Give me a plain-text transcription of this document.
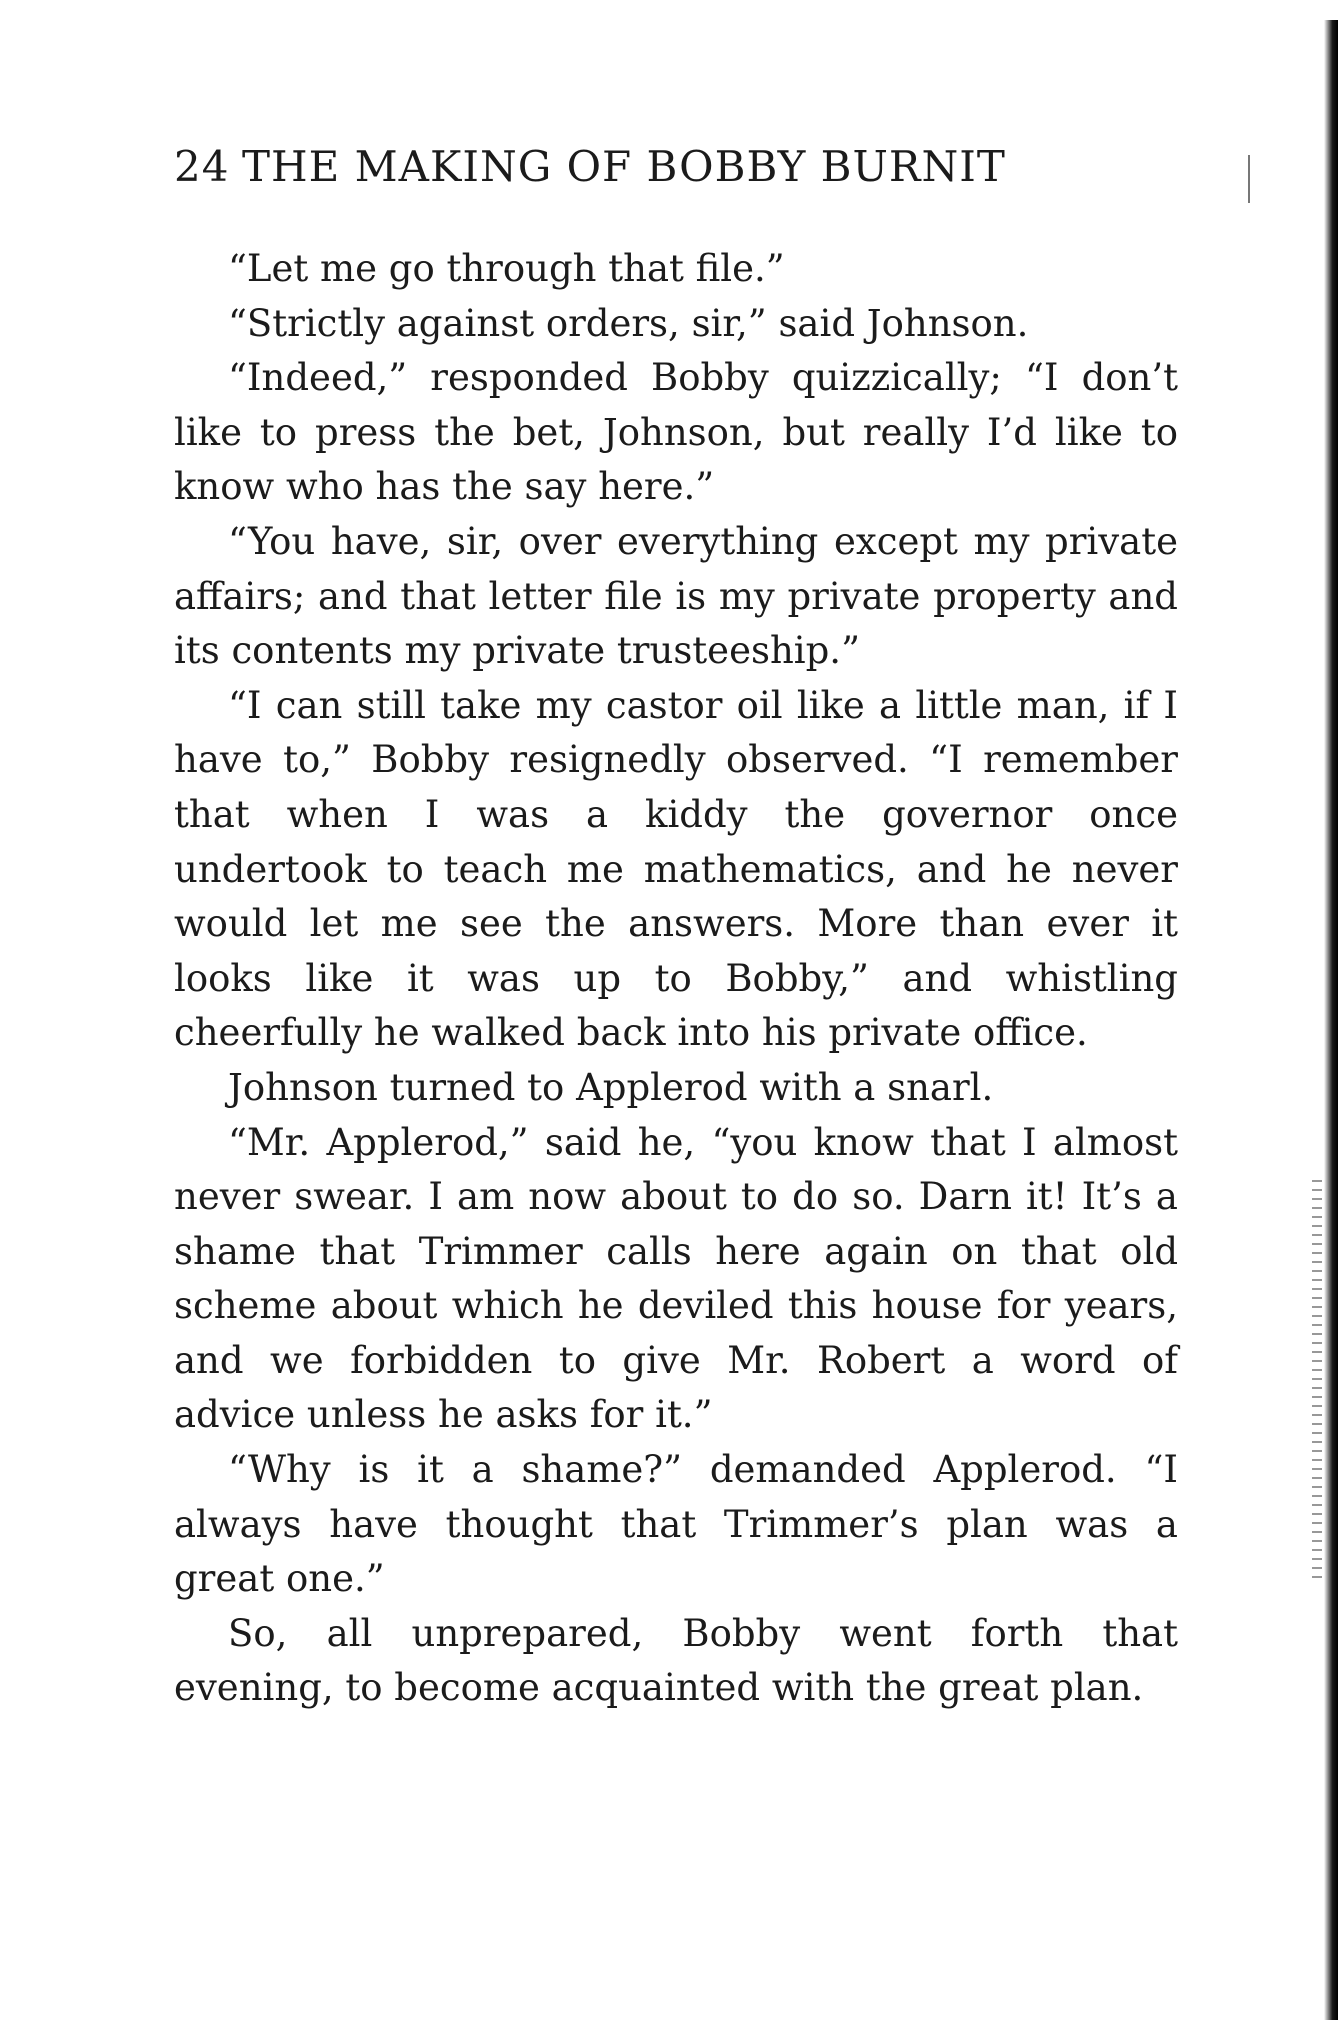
24 THE MAKING OF BOBBY BURNIT

“Let me go through that file.”

“Strictly against orders, sir,” said Johnson.

“Indeed,” responded Bobby quizzically; “I don’t like to press the bet, Johnson, but really I’d like to know who has the say here.”

“You have, sir, over everything except my private affairs; and that letter file is my private property and its contents my private trusteeship.”

“I can still take my castor oil like a little man, if I have to,” Bobby resignedly observed. “I remember that when I was a kiddy the governor once undertook to teach me mathematics, and he never would let me see the answers. More than ever it looks like it was up to Bobby,” and whistling cheerfully he walked back into his private office.

Johnson turned to Applerod with a snarl.

“Mr. Applerod,” said he, “you know that I almost never swear. I am now about to do so. Darn it! It’s a shame that Trimmer calls here again on that old scheme about which he deviled this house for years, and we forbidden to give Mr. Robert a word of advice unless he asks for it.”

“Why is it a shame?” demanded Applerod. “I always have thought that Trimmer’s plan was a great one.”

So, all unprepared, Bobby went forth that evening, to become acquainted with the great plan.
